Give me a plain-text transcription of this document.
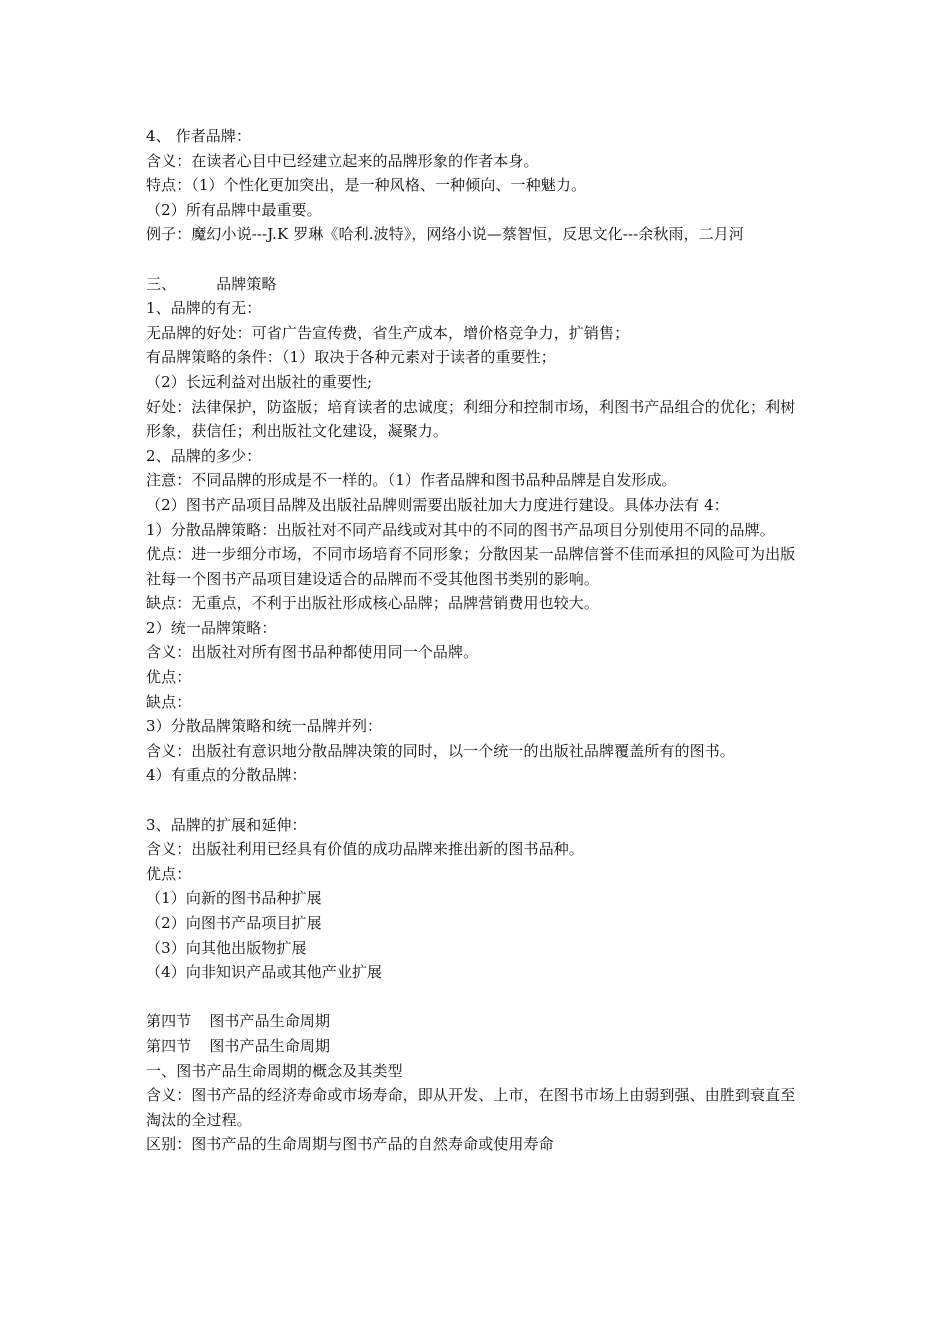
4、 作者品牌：

含义：在读者心目中已经建立起来的品牌形象的作者本身。

特点：（1）个性化更加突出，是一种风格、一种倾向、一种魅力。

（2）所有品牌中最重要。

例子：魔幻小说---J.K 罗琳《哈利.波特》，网络小说—蔡智恒，反思文化---余秋雨，二月河

三、	品牌策略

1、品牌的有无：

无品牌的好处：可省广告宣传费，省生产成本，增价格竞争力，扩销售；

有品牌策略的条件：（1）取决于各种元素对于读者的重要性；

（2）长远利益对出版社的重要性;

好处：法律保护，防盗版；培育读者的忠诚度；利细分和控制市场，利图书产品组合的优化；利树形象，获信任；利出版社文化建设，凝聚力。

2、品牌的多少：

注意：不同品牌的形成是不一样的。（1）作者品牌和图书品种品牌是自发形成。

（2）图书产品项目品牌及出版社品牌则需要出版社加大力度进行建设。具体办法有 4：

1）分散品牌策略：出版社对不同产品线或对其中的不同的图书产品项目分别使用不同的品牌。

优点：进一步细分市场，不同市场培育不同形象；分散因某一品牌信誉不佳而承担的风险可为出版社每一个图书产品项目建设适合的品牌而不受其他图书类别的影响。

缺点：无重点，不利于出版社形成核心品牌；品牌营销费用也较大。

2）统一品牌策略：

含义：出版社对所有图书品种都使用同一个品牌。

优点：

缺点：

3）分散品牌策略和统一品牌并列：

含义：出版社有意识地分散品牌决策的同时，以一个统一的出版社品牌覆盖所有的图书。

4）有重点的分散品牌：

3、品牌的扩展和延伸：

含义：出版社利用已经具有价值的成功品牌来推出新的图书品种。

优点：

（1）向新的图书品种扩展

（2）向图书产品项目扩展

（3）向其他出版物扩展

（4）向非知识产品或其他产业扩展

第四节 图书产品生命周期

第四节 图书产品生命周期

一、图书产品生命周期的概念及其类型

含义：图书产品的经济寿命或市场寿命，即从开发、上市，在图书市场上由弱到强、由胜到衰直至淘汰的全过程。

区别：图书产品的生命周期与图书产品的自然寿命或使用寿命
